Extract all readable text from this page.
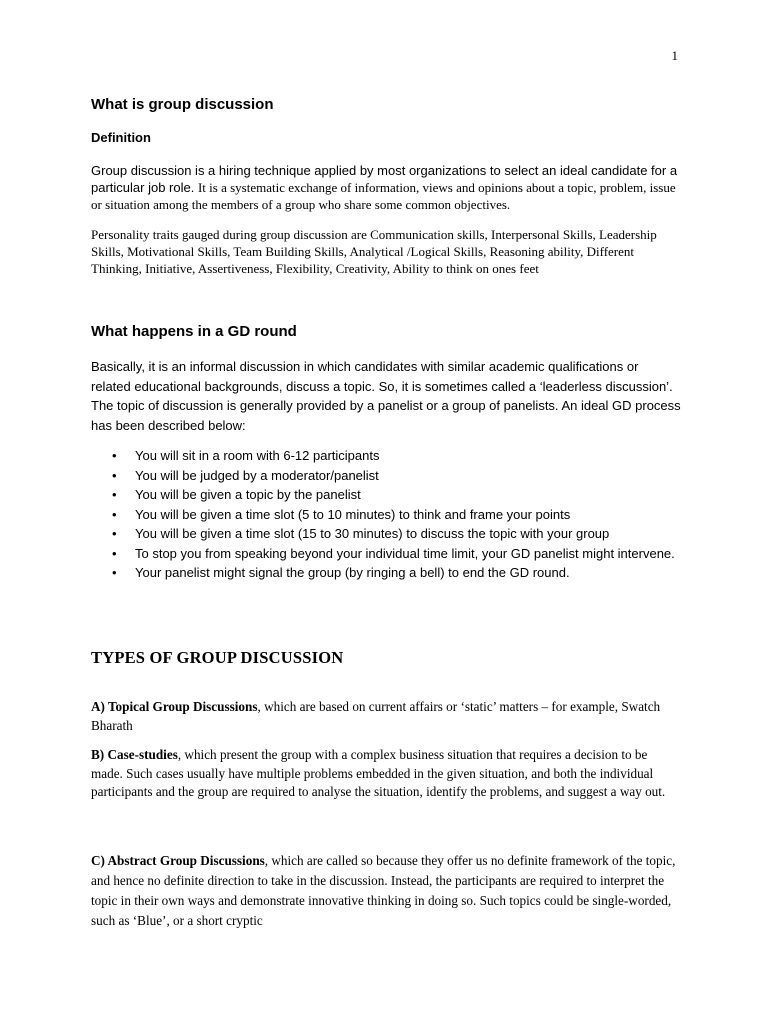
1
What is group discussion
Definition

Group discussion is a hiring technique applied by most organizations to select an ideal candidate for a particular job role. It is a systematic exchange of information, views and opinions about a topic, problem, issue or situation among the members of a group who share some common objectives.

Personality traits gauged during group discussion are Communication skills, Interpersonal Skills, Leadership Skills, Motivational Skills, Team Building Skills, Analytical /Logical Skills, Reasoning ability, Different Thinking, Initiative, Assertiveness, Flexibility, Creativity, Ability to think on ones feet

What happens in a GD round

Basically, it is an informal discussion in which candidates with similar academic qualifications or related educational backgrounds, discuss a topic. So, it is sometimes called a ‘leaderless discussion’. The topic of discussion is generally provided by a panelist or a group of panelists. An ideal GD process has been described below:

• You will sit in a room with 6-12 participants
• You will be judged by a moderator/panelist
• You will be given a topic by the panelist
• You will be given a time slot (5 to 10 minutes) to think and frame your points
• You will be given a time slot (15 to 30 minutes) to discuss the topic with your group
• To stop you from speaking beyond your individual time limit, your GD panelist might intervene.
• Your panelist might signal the group (by ringing a bell) to end the GD round.
TYPES OF GROUP DISCUSSION

A) Topical Group Discussions, which are based on current affairs or ‘static’ matters – for example, Swatch Bharath

B) Case-studies, which present the group with a complex business situation that requires a decision to be made. Such cases usually have multiple problems embedded in the given situation, and both the individual participants and the group are required to analyse the situation, identify the problems, and suggest a way out.

C) Abstract Group Discussions, which are called so because they offer us no definite framework of the topic, and hence no definite direction to take in the discussion. Instead, the participants are required to interpret the topic in their own ways and demonstrate innovative thinking in doing so. Such topics could be single-worded, such as ‘Blue’, or a short cryptic
